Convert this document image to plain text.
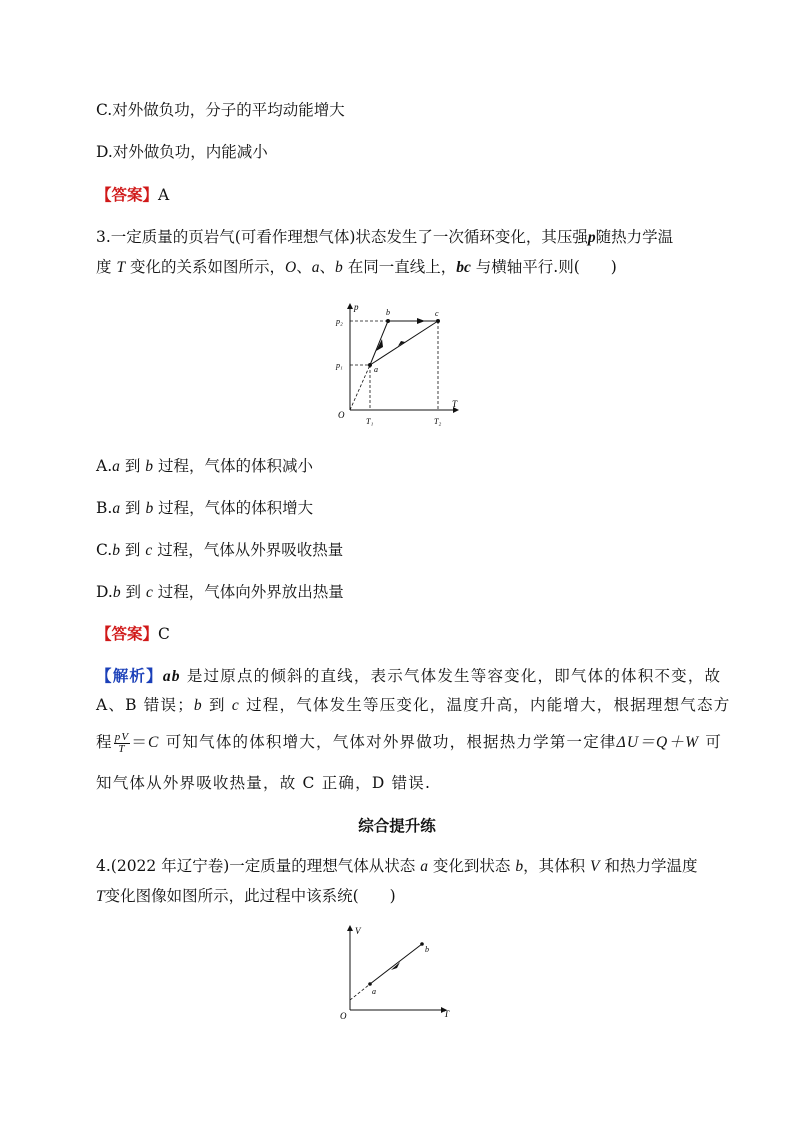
C.对外做负功，分子的平均动能增大
D.对外做负功，内能减小
【答案】A
3.一定质量的页岩气(可看作理想气体)状态发生了一次循环变化，其压强p随热力学温
度 T 变化的关系如图所示，O、a、b 在同一直线上，bc 与横轴平行.则(　　)
p
T
O
p₂
p₁
T₁	T₂
a
b	c
A.a 到 b 过程，气体的体积减小
B.a 到 b 过程，气体的体积增大
C.b 到 c 过程，气体从外界吸收热量
D.b 到 c 过程，气体向外界放出热量
【答案】C
【解析】ab 是过原点的倾斜的直线，表示气体发生等容变化，即气体的体积不变，故
A、B 错误；b 到 c 过程，气体发生等压变化，温度升高，内能增大，根据理想气态方
程 $\frac{pV}{T} =C$ 可知气体的体积增大，气体对外界做功，根据热力学第一定律ΔU＝Q＋W 可
知气体从外界吸收热量，故 C 正确，D 错误.
综合提升练
4.(2022 年辽宁卷)一定质量的理想气体从状态 a 变化到状态 b，其体积 V 和热力学温度
T变化图像如图所示，此过程中该系统(　　)
V
T
O
a
b
